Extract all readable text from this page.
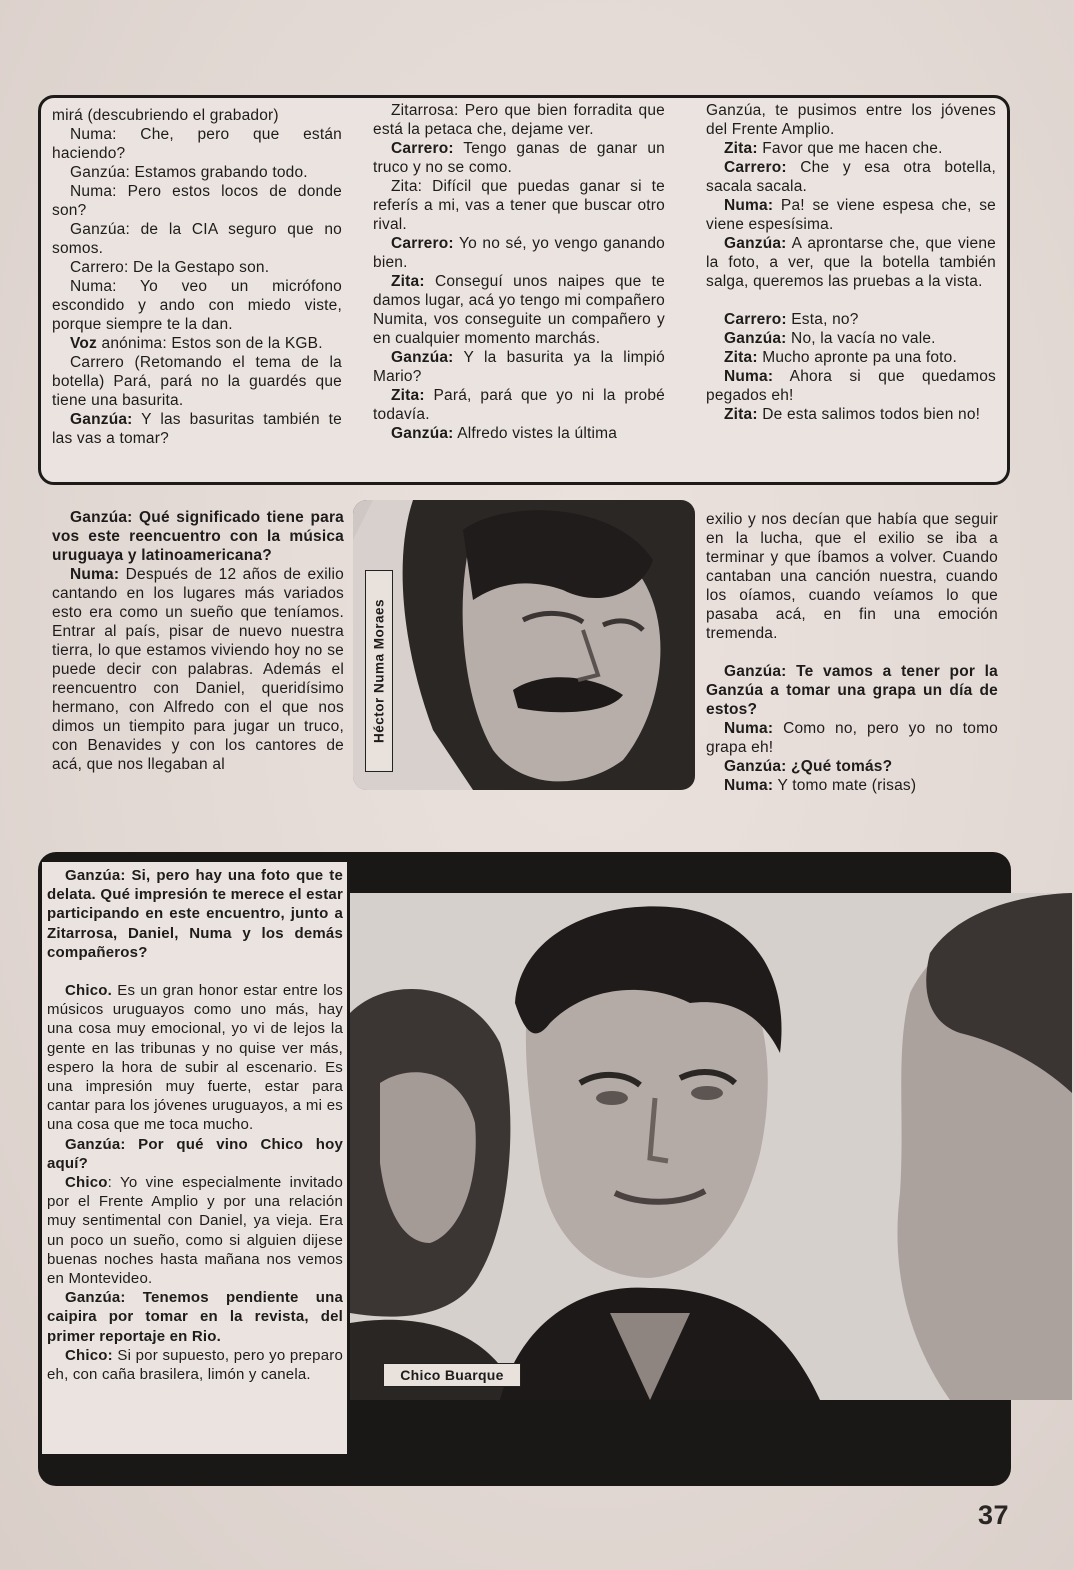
mirá (descubriendo el grabador)

Numa: Che, pero que están haciendo?

Ganzúa: Estamos grabando todo.

Numa: Pero estos locos de donde son?

Ganzúa: de la CIA seguro que no somos.

Carrero: De la Gestapo son.

Numa: Yo veo un micrófono escondido y ando con miedo viste, porque siempre te la dan.

Voz anónima: Estos son de la KGB.

Carrero (Retomando el tema de la botella) Pará, pará no la guardés que tiene una basurita.

Ganzúa: Y las basuritas también te las vas a tomar?

Zitarrosa: Pero que bien forradita que está la petaca che, dejame ver.

Carrero: Tengo ganas de ganar un truco y no se como.

Zita: Difícil que puedas ganar si te referís a mi, vas a tener que buscar otro rival.

Carrero: Yo no sé, yo vengo ganando bien.

Zita: Conseguí unos naipes que te damos lugar, acá yo tengo mi compañero Numita, vos conseguite un compañero y en cualquier momento marchás.

Ganzúa: Y la basurita ya la limpió Mario?

Zita: Pará, pará que yo ni la probé todavía.

Ganzúa: Alfredo vistes la última

Ganzúa, te pusimos entre los jóvenes del Frente Amplio.

Zita: Favor que me hacen che.

Carrero: Che y esa otra botella, sacala sacala.

Numa: Pa! se viene espesa che, se viene espesísima.

Ganzúa: A aprontarse che, que viene la foto, a ver, que la botella también salga, queremos las pruebas a la vista.

Carrero: Esta, no?

Ganzúa: No, la vacía no vale.

Zita: Mucho apronte pa una foto.

Numa: Ahora si que quedamos pegados eh!

Zita: De esta salimos todos bien no!

Ganzúa: Qué significado tiene para vos este reencuentro con la música uruguaya y latinoamericana?

Numa: Después de 12 años de exilio cantando en los lugares más variados esto era como un sueño que teníamos. Entrar al país, pisar de nuevo nuestra tierra, lo que estamos viviendo hoy no se puede decir con palabras. Además el reencuentro con Daniel, queridísimo hermano, con Alfredo con el que nos dimos un tiempito para jugar un truco, con Benavides y con los cantores de acá, que nos llegaban al

Héctor Numa Moraes

exilio y nos decían que había que seguir en la lucha, que el exilio se iba a terminar y que íbamos a volver. Cuando cantaban una canción nuestra, cuando los oíamos, cuando veíamos lo que pasaba acá, en fin una emoción tremenda.

Ganzúa: Te vamos a tener por la Ganzúa a tomar una grapa un día de estos?

Numa: Como no, pero yo no tomo grapa eh!

Ganzúa: ¿Qué tomás?

Numa: Y tomo mate (risas)

Chico Buarque

Ganzúa: Si, pero hay una foto que te delata. Qué impresión te merece el estar participando en este encuentro, junto a Zitarrosa, Daniel, Numa y los demás compañeros?

Chico. Es un gran honor estar entre los músicos uruguayos como uno más, hay una cosa muy emocional, yo vi de lejos la gente en las tribunas y no quise ver más, espero la hora de subir al escenario. Es una impresión muy fuerte, estar para cantar para los jóvenes uruguayos, a mi es una cosa que me toca mucho.

Ganzúa: Por qué vino Chico hoy aquí?

Chico: Yo vine especialmente invitado por el Frente Amplio y por una relación muy sentimental con Daniel, ya vieja. Era un poco un sueño, como si alguien dijese buenas noches hasta mañana nos vemos en Montevideo.

Ganzúa: Tenemos pendiente una caipira por tomar en la revista, del primer reportaje en Rio.

Chico: Si por supuesto, pero yo preparo eh, con caña brasilera, limón y canela.

37
